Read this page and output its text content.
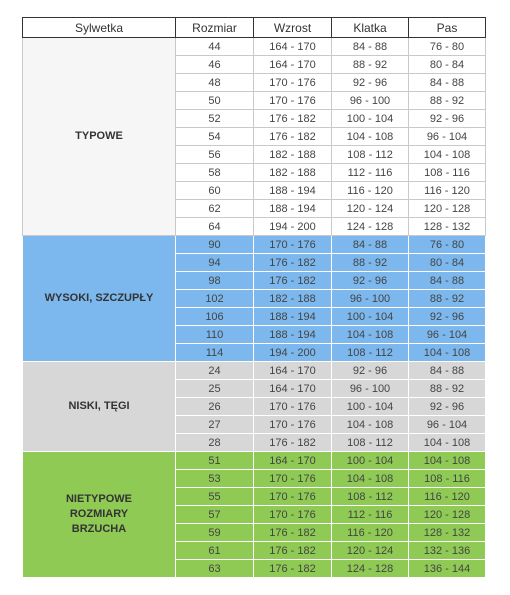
Sylwetka	Rozmiar	Wzrost	Klatka	Pas
TYPOWE	44	164 - 170	84 - 88	76 - 80
	46	164 - 170	88 - 92	80 - 84
	48	170 - 176	92 - 96	84 - 88
	50	170 - 176	96 - 100	88 - 92
	52	176 - 182	100 - 104	92 - 96
	54	176 - 182	104 - 108	96 - 104
	56	182 - 188	108 - 112	104 - 108
	58	182 - 188	112 - 116	108 - 116
	60	188 - 194	116 - 120	116 - 120
	62	188 - 194	120 - 124	120 - 128
	64	194 - 200	124 - 128	128 - 132
WYSOKI, SZCZUPŁY	90	170 - 176	84 - 88	76 - 80
	94	176 - 182	88 - 92	80 - 84
	98	176 - 182	92 - 96	84 - 88
	102	182 - 188	96 - 100	88 - 92
	106	188 - 194	100 - 104	92 - 96
	110	188 - 194	104 - 108	96 - 104
	114	194 - 200	108 - 112	104 - 108
NISKI, TĘGI	24	164 - 170	92 - 96	84 - 88
	25	164 - 170	96 - 100	88 - 92
	26	170 - 176	100 - 104	92 - 96
	27	170 - 176	104 - 108	96 - 104
	28	176 - 182	108 - 112	104 - 108
NIETYPOWE ROZMIARY BRZUCHA	51	164 - 170	100 - 104	104 - 108
	53	170 - 176	104 - 108	108 - 116
	55	170 - 176	108 - 112	116 - 120
	57	170 - 176	112 - 116	120 - 128
	59	176 - 182	116 - 120	128 - 132
	61	176 - 182	120 - 124	132 - 136
	63	176 - 182	124 - 128	136 - 144
